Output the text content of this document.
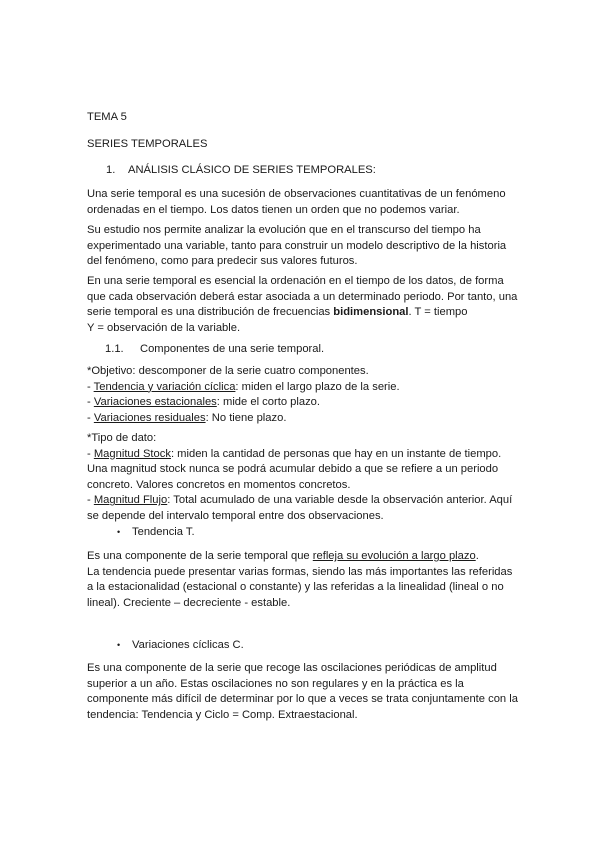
TEMA 5
SERIES TEMPORALES
1. ANÁLISIS CLÁSICO DE SERIES TEMPORALES:
Una serie temporal es una sucesión de observaciones cuantitativas de un fenómeno
ordenadas en el tiempo. Los datos tienen un orden que no podemos variar.
Su estudio nos permite analizar la evolución que en el transcurso del tiempo ha
experimentado una variable, tanto para construir un modelo descriptivo de la historia
del fenómeno, como para predecir sus valores futuros.
En una serie temporal es esencial la ordenación en el tiempo de los datos, de forma
que cada observación deberá estar asociada a un determinado periodo. Por tanto, una
serie temporal es una distribución de frecuencias bidimensional. T = tiempo
Y = observación de la variable.
1.1. Componentes de una serie temporal.
*Objetivo: descomponer de la serie cuatro componentes.
- Tendencia y variación cíclica: miden el largo plazo de la serie.
- Variaciones estacionales: mide el corto plazo.
- Variaciones residuales: No tiene plazo.
*Tipo de dato:
- Magnitud Stock: miden la cantidad de personas que hay en un instante de tiempo.
Una magnitud stock nunca se podrá acumular debido a que se refiere a un periodo
concreto. Valores concretos en momentos concretos.
- Magnitud Flujo: Total acumulado de una variable desde la observación anterior. Aquí
se depende del intervalo temporal entre dos observaciones.
• Tendencia T.
Es una componente de la serie temporal que refleja su evolución a largo plazo.
La tendencia puede presentar varias formas, siendo las más importantes las referidas
a la estacionalidad (estacional o constante) y las referidas a la linealidad (lineal o no
lineal). Creciente – decreciente - estable.
• Variaciones cíclicas C.
Es una componente de la serie que recoge las oscilaciones periódicas de amplitud
superior a un año. Estas oscilaciones no son regulares y en la práctica es la
componente más difícil de determinar por lo que a veces se trata conjuntamente con la
tendencia: Tendencia y Ciclo = Comp. Extraestacional.
